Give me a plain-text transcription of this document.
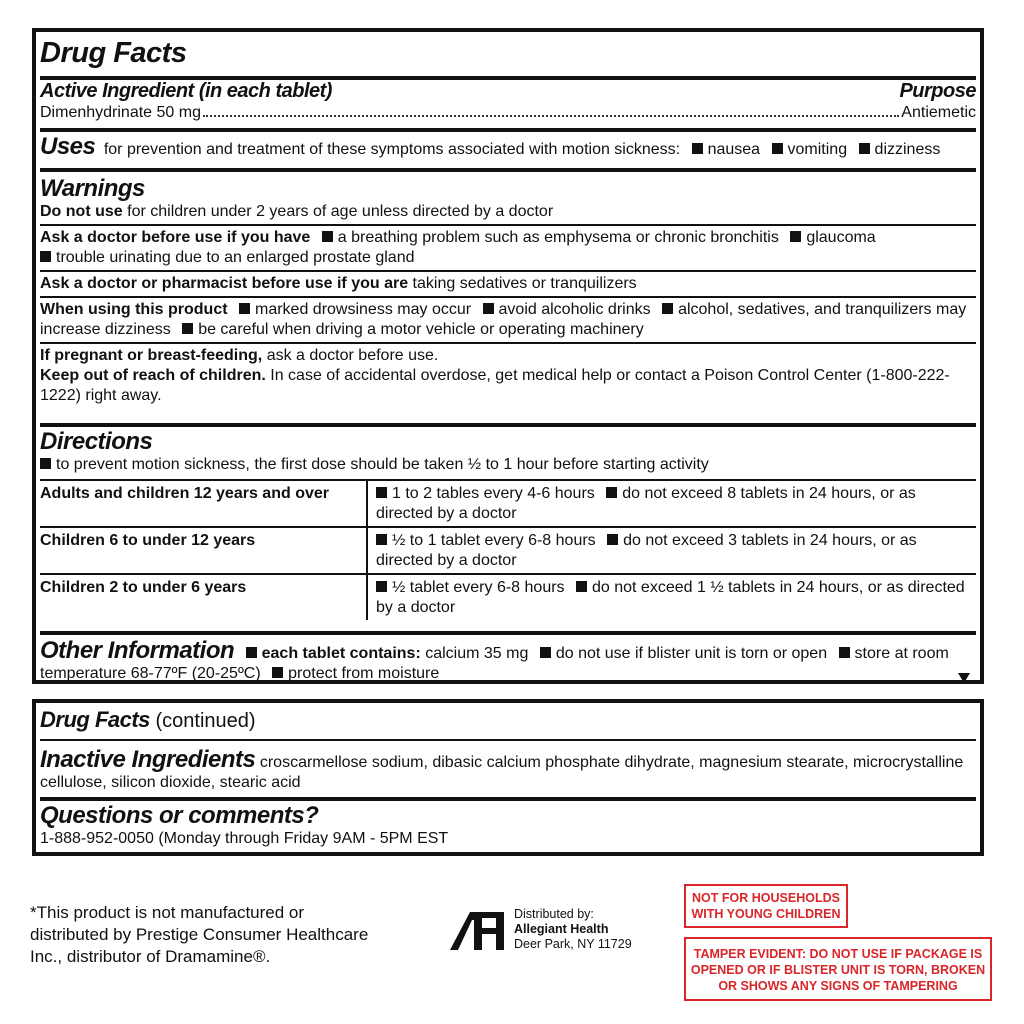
Drug Facts
Active Ingredient (in each tablet)	Purpose
Dimenhydrinate 50 mg	Antiemetic
Uses for prevention and treatment of these symptoms associated with motion sickness: nausea vomiting dizziness
Warnings
Do not use for children under 2 years of age unless directed by a doctor
Ask a doctor before use if you have a breathing problem such as emphysema or chronic bronchitis glaucoma
trouble urinating due to an enlarged prostate gland
Ask a doctor or pharmacist before use if you are taking sedatives or tranquilizers
When using this product marked drowsiness may occur avoid alcoholic drinks alcohol, sedatives, and tranquilizers may increase dizziness be careful when driving a motor vehicle or operating machinery
If pregnant or breast-feeding, ask a doctor before use.
Keep out of reach of children. In case of accidental overdose, get medical help or contact a Poison Control Center (1-800-222-1222) right away.
Directions
to prevent motion sickness, the first dose should be taken ½ to 1 hour before starting activity
Adults and children 12 years and over	1 to 2 tables every 4-6 hours do not exceed 8 tablets in 24 hours, or as directed by a doctor
Children 6 to under 12 years	½ to 1 tablet every 6-8 hours do not exceed 3 tablets in 24 hours, or as directed by a doctor
Children 2 to under 6 years	½ tablet every 6-8 hours do not exceed 1 ½ tablets in 24 hours, or as directed by a doctor
Other Information each tablet contains: calcium 35 mg do not use if blister unit is torn or open store at room temperature 68-77ºF (20-25ºC) protect from moisture
Drug Facts (continued)
Inactive Ingredients croscarmellose sodium, dibasic calcium phosphate dihydrate, magnesium stearate, microcrystalline cellulose, silicon dioxide, stearic acid
Questions or comments?
1-888-952-0050 (Monday through Friday 9AM - 5PM EST
*This product is not manufactured or
distributed by Prestige Consumer Healthcare
Inc., distributor of Dramamine®.
AH	Distributed by:
Allegiant Health
Deer Park, NY 11729
NOT FOR HOUSEHOLDS WITH YOUNG CHILDREN
TAMPER EVIDENT: DO NOT USE IF PACKAGE IS OPENED OR IF BLISTER UNIT IS TORN, BROKEN OR SHOWS ANY SIGNS OF TAMPERING
